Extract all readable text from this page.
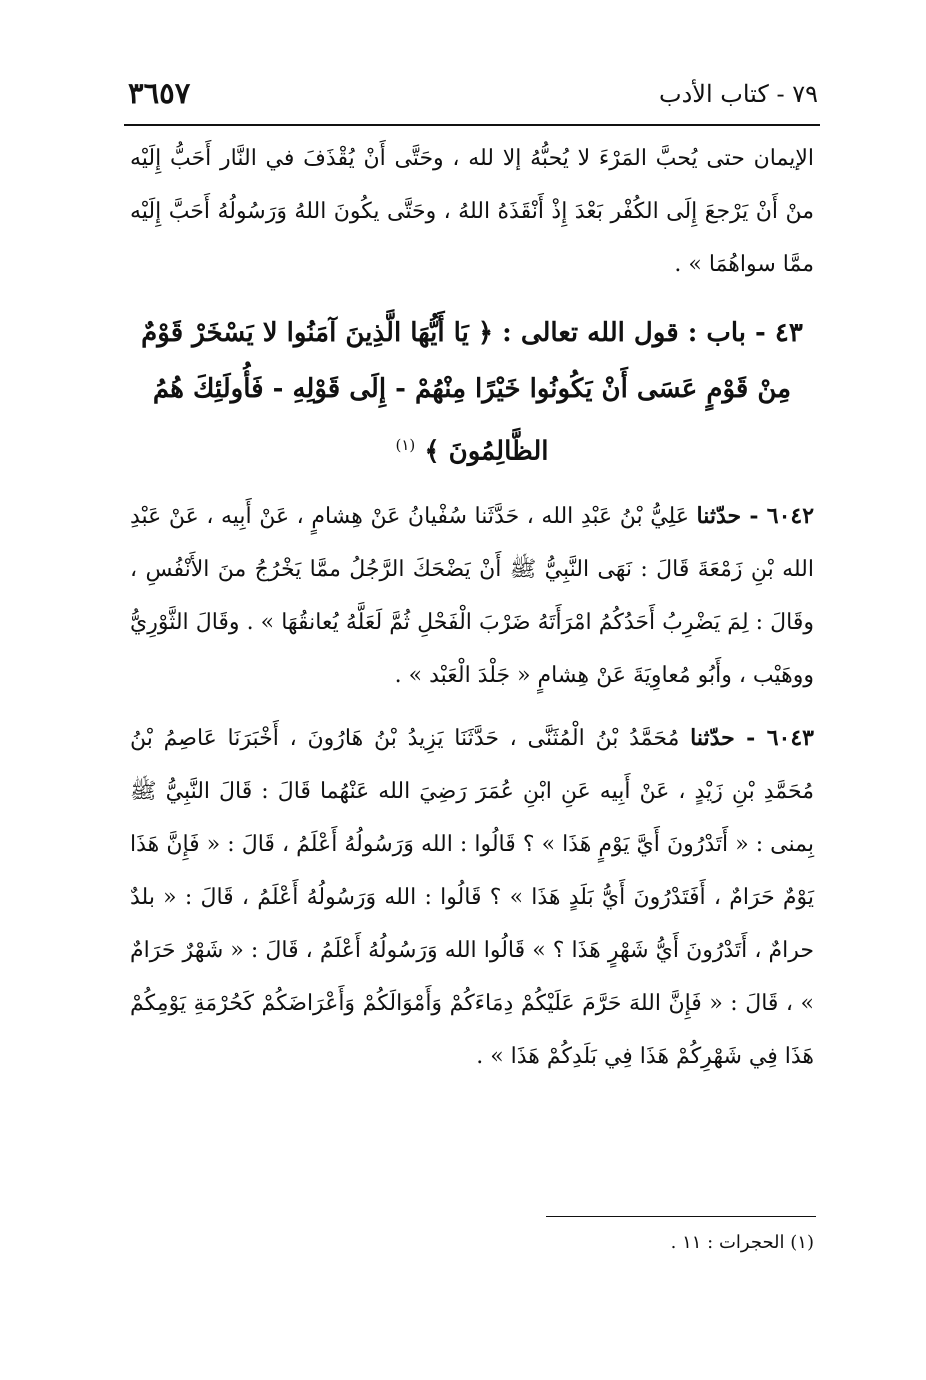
٧٩ - كتاب الأدب
٣٦٥٧

الإيمان حتى يُحبَّ المَرْءَ لا يُحبُّهُ إلا لله ، وحَتَّى أَنْ يُقْذَفَ في النَّار أَحَبُّ إِلَيْه منْ أَنْ يَرْجعَ إِلَى الكُفْر بَعْدَ إِذْ أَنْقَذَهُ اللهُ ، وحَتَّى يكُونَ اللهُ وَرَسُولُهُ أَحَبَّ إِلَيْه ممَّا سواهُمَا » .

٤٣ - باب : قول الله تعالى : ﴿ يَا أَيُّهَا الَّذِينَ آمَنُوا لا يَسْخَرْ قَوْمٌ مِنْ قَوْمٍ عَسَى أَنْ يَكُونُوا خَيْرًا مِنْهُمْ - إِلَى قَوْلِهِ - فَأُولَئِكَ هُمُ الظَّالِمُونَ ﴾ $^{(١)}$

٦٠٤٢ - حدّثنا عَلِيُّ بْنُ عَبْدِ الله ، حَدَّثَنا سُفْيانُ عَنْ هِشامٍ ، عَنْ أَبِيه ، عَنْ عَبْدِ الله بْنِ زَمْعَةَ قَالَ : نَهَى النَّبِيُّ ﷺ أَنْ يَضْحَكَ الرَّجُلُ ممَّا يَخْرُجُ منَ الأَنْفُسِ ، وقَالَ : لِمَ يَضْرِبُ أَحَدُكُمُ امْرَأَتَهُ ضَرْبَ الْفَحْلِ ثُمَّ لَعَلَّهُ يُعانقُهَا » . وقَالَ الثَّوْرِيُّ ووهَيْب ، وأَبُو مُعاوِيَةَ عَنْ هِشامٍ « جَلْدَ الْعَبْد » .

٦٠٤٣ - حدّثنا مُحَمَّدُ بْنُ الْمُثَنَّى ، حَدَّثَنَا يَزِيدُ بْنُ هَارُونَ ، أَخْبَرَنَا عَاصِمُ بْنُ مُحَمَّدِ بْنِ زَيْدٍ ، عَنْ أَبِيه عَنِ ابْنِ عُمَرَ رَضِيَ الله عَنْهُما قَالَ : قَالَ النَّبِيُّ ﷺ بِمنى : « أَتَدْرُونَ أَيَّ يَوْمٍ هَذَا » ؟ قَالُوا : الله وَرَسُولُهُ أَعْلَمُ ، قَالَ : « فَإِنَّ هَذَا يَوْمٌ حَرَامٌ ، أَفَتَدْرُونَ أَيُّ بَلَدٍ هَذَا » ؟ قَالُوا : الله وَرَسُولُهُ أَعْلَمُ ، قَالَ : « بلدٌ حرامٌ ، أَتَدْرُونَ أَيُّ شَهْرٍ هَذَا ؟ » قَالُوا الله وَرَسُولُهُ أَعْلَمُ ، قَالَ : « شَهْرٌ حَرَامٌ » ، قَالَ : « فَإِنَّ اللهَ حَرَّمَ عَلَيْكُمْ دِمَاءَكُمْ وَأَمْوَالَكُمْ وَأَعْرَاضَكُمْ كَحُرْمَةِ يَوْمِكُمْ هَذَا فِي شَهْرِكُمْ هَذَا فِي بَلَدِكُمْ هَذَا » .

(١) الحجرات : ١١ .
